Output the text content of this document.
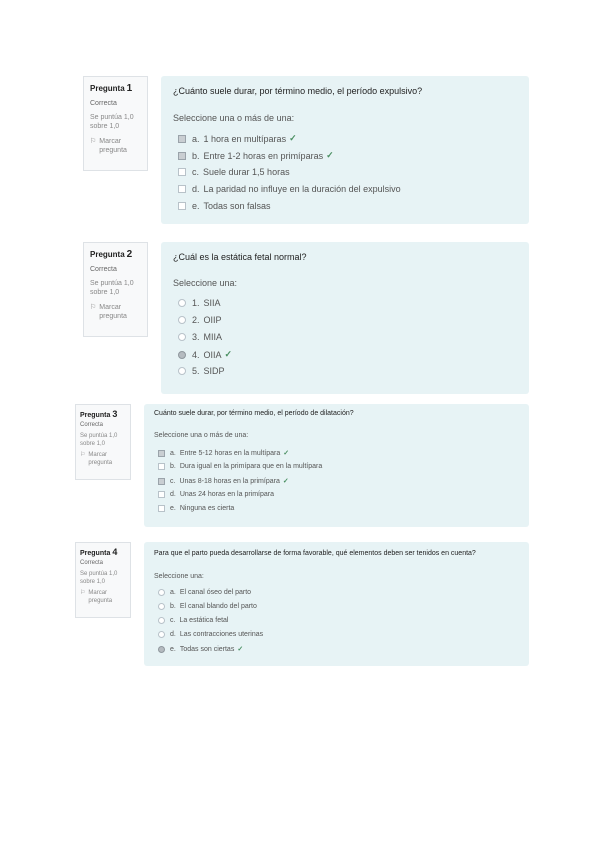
Pregunta 1
Correcta
Se puntúa 1,0
sobre 1,0
⚐ Marcar
pregunta
¿Cuánto suele durar, por término medio, el período expulsivo?
Seleccione una o más de una:
a. 1 hora en multíparas ✓
b. Entre 1-2 horas en primíparas ✓
c. Suele durar 1,5 horas
d. La paridad no influye en la duración del expulsivo
e. Todas son falsas
Pregunta 2
Correcta
Se puntúa 1,0
sobre 1,0
⚐ Marcar
pregunta
¿Cuál es la estática fetal normal?
Seleccione una:
1. SIIA
2. OIIP
3. MIIA
4. OIIA ✓
5. SIDP
Pregunta 3
Correcta
Se puntúa 1,0
sobre 1,0
⚐ Marcar
pregunta
Cuánto suele durar, por término medio, el período de dilatación?
Seleccione una o más de una:
a. Entre 5-12 horas en la multípara ✓
b. Dura igual en la primípara que en la multípara
c. Unas 8-18 horas en la primípara ✓
d. Unas 24 horas en la primípara
e. Ninguna es cierta
Pregunta 4
Correcta
Se puntúa 1,0
sobre 1,0
⚐ Marcar
pregunta
Para que el parto pueda desarrollarse de forma favorable, qué elementos deben ser tenidos en cuenta?
Seleccione una:
a. El canal óseo del parto
b. El canal blando del parto
c. La estática fetal
d. Las contracciones uterinas
e. Todas son ciertas ✓
